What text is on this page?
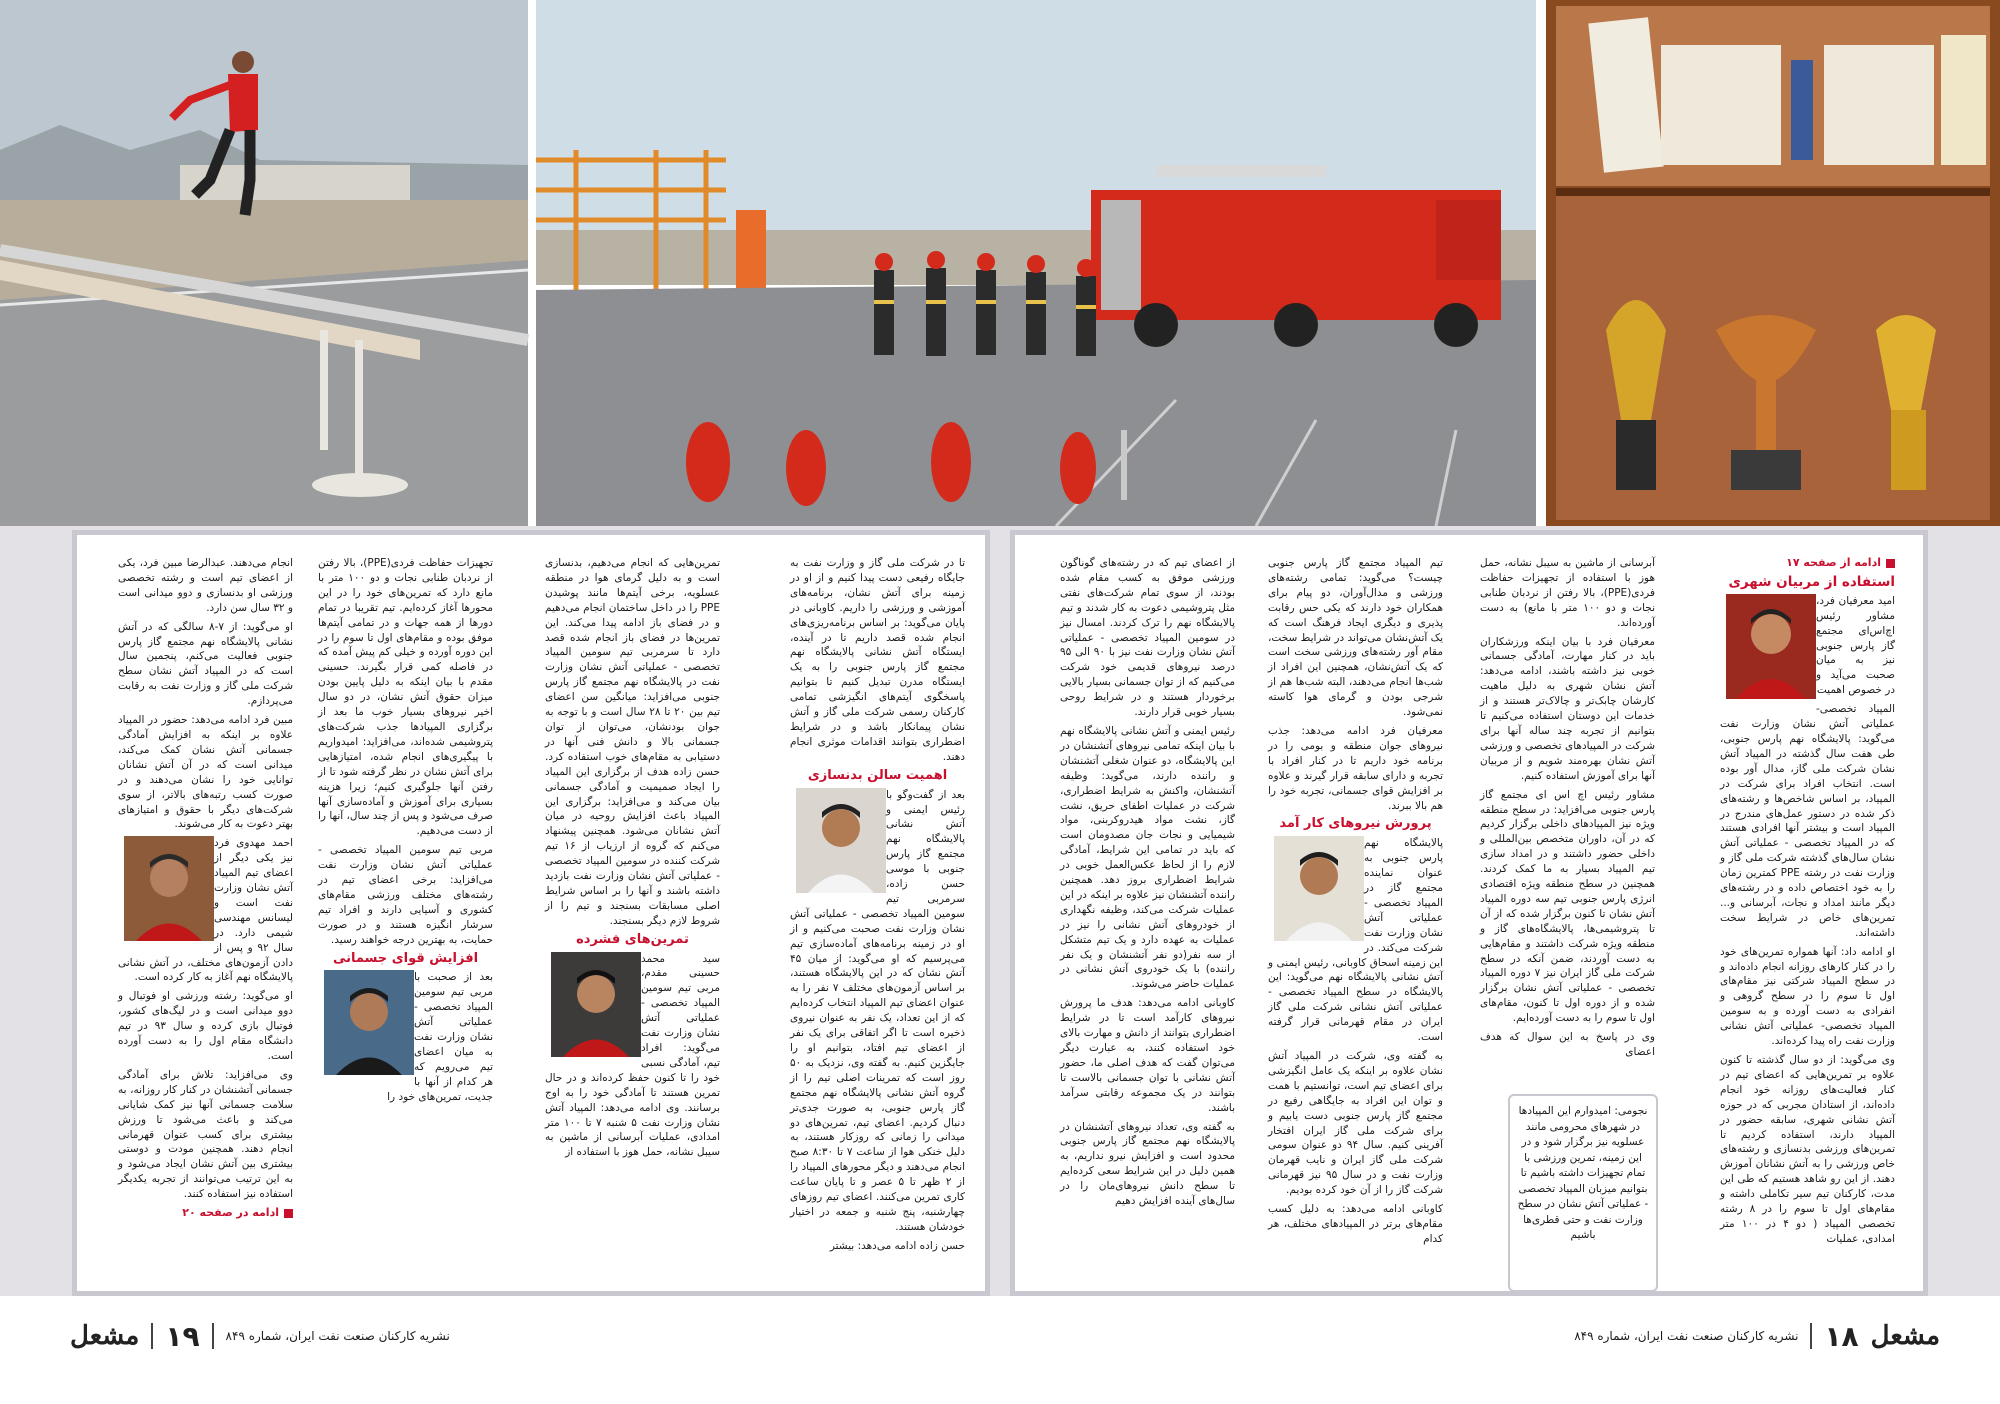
ادامه از صفحه ۱۷

استفاده از مربیان شهری

امید معرفیان فرد، مشاور رئیس اچ‌اس‌ای مجتمع گاز پارس جنوبی نیز به میان صحبت می‌آید و در خصوص اهمیت

المپیاد تخصصی- عملیاتی آتش نشان وزارت نفت می‌گوید: پالایشگاه نهم پارس جنوبی، طی هفت سال گذشته در المپیاد آتش نشان شرکت ملی گاز، مدال آور بوده است. انتخاب افراد برای شرکت در المپیاد، بر اساس شاخص‌ها و رشته‌های ذکر شده در دستور عمل‌های مندرج در المپیاد است و بیشتر آنها افرادی هستند که در المپیاد تخصصی - عملیاتی آتش نشان سال‌های گذشته شرکت ملی گاز و وزارت نفت در رشته PPE کمترین زمان را به خود اختصاص داده و در رشته‌های دیگر مانند امداد و نجات، آبرسانی و... تمرین‌های خاص در شرایط سخت داشته‌اند.

او ادامه داد: آنها همواره تمرین‌های خود را در کنار کارهای روزانه انجام داده‌اند و در سطح المپیاد شرکتی نیز مقام‌های اول تا سوم را در سطح گروهی و انفرادی به دست آورده و به سومین المپیاد تخصصی- عملیاتی آتش نشانی وزارت نفت راه پیدا کرده‌اند.

وی می‌گوید: از دو سال گذشته تا کنون علاوه بر تمرین‌هایی که اعضای تیم در کنار فعالیت‌های روزانه خود انجام داده‌اند، از استادان مجربی که در حوزه آتش نشانی شهری، سابقه حضور در المپیاد دارند، استفاده کردیم تا تمرین‌های ورزشی بدنسازی و رشته‌های خاص ورزشی را به آتش نشانان آموزش دهند. از این رو شاهد هستیم که طی این مدت، کارکنان تیم سیر تکاملی داشته و مقام‌های اول تا سوم را در ۸ رشته تخصصی المپیاد ( دو ۴ در ۱۰۰ متر امدادی، عملیات

آبرسانی از ماشین به سیبل نشانه، حمل هوز با استفاده از تجهیزات حفاظت فردی(PPE)، بالا رفتن از نردبان طنابی نجات و دو ۱۰۰ متر با مانع) به دست آورده‌اند.

معرفیان فرد با بیان اینکه ورزشکاران باید در کنار مهارت، آمادگی جسمانی خوبی نیز داشته باشند، ادامه می‌دهد: آتش نشان شهری به دلیل ماهیت کارشان چابک‌تر و چالاک‌تر هستند و از خدمات این دوستان استفاده می‌کنیم تا بتوانیم از تجربه چند ساله آنها برای شرکت در المپیادهای تخصصی و ورزشی آتش نشان بهره‌مند شویم و از مربیان آنها برای آموزش استفاده کنیم.

مشاور رئیس اچ اس ای مجتمع گاز پارس جنوبی می‌افزاید: در سطح منطقه ویژه نیز المپیادهای داخلی برگزار کردیم که در آن، داوران متخصص بین‌المللی و داخلی حضور داشتند و در امداد سازی تیم المپیاد بسیار به ما کمک کردند. همچنین در سطح منطقه ویژه اقتصادی انرژی پارس جنوبی تیم سه دوره المپیاد آتش نشان تا کنون برگزار شده که از آن تا پتروشیمی‌ها، پالایشگاه‌های گاز و منطقه ویژه شرکت داشتند و مقام‌هایی به دست آوردند، ضمن آنکه در سطح شرکت ملی گاز ایران نیز ۷ دوره المپیاد تخصصی - عملیاتی آتش نشان برگزار شده و از دوره اول تا کنون، مقام‌های اول تا سوم را به دست آورده‌ایم.

وی در پاسخ به این سوال که هدف اعضای

تیم المپیاد مجتمع گاز پارس جنوبی چیست؟ می‌گوید: تمامی رشته‌های ورزشی و مدال‌آوران، دو پیام برای همکاران خود دارند که یکی حس رقابت پذیری و دیگری ایجاد فرهنگ است که یک آتش‌نشان می‌تواند در شرایط سخت، مقام آور رشته‌های ورزشی سخت است که یک آتش‌نشان، همچنین این افراد از شب‌ها انجام می‌دهند، البته شب‌ها هم از شرجی بودن و گرمای هوا کاسته نمی‌شود.

معرفیان فرد ادامه می‌دهد: جذب نیروهای جوان منطقه و بومی را در برنامه خود داریم تا در کنار افراد با تجربه و دارای سابقه قرار گیرند و علاوه بر افزایش قوای جسمانی، تجربه خود را هم بالا ببرند.

پرورش نیروهای کار آمد

پالایشگاه نهم پارس جنوبی به عنوان نماینده مجتمع گاز در المپیاد تخصصی - عملیاتی آتش نشان وزارت نفت شرکت می‌کند. در این زمینه اسحاق کاوبانی، رئیس ایمنی و آتش نشانی پالایشگاه نهم می‌گوید: این پالایشگاه در سطح المپیاد تخصصی - عملیاتی آتش نشانی شرکت ملی گاز ایران در مقام قهرمانی قرار گرفته است.

به گفته وی، شرکت در المپیاد آتش نشان علاوه بر اینکه یک عامل انگیزشی برای اعضای تیم است، توانستیم با همت و توان این افراد به جایگاهی رفیع در مجتمع گاز پارس جنوبی دست یابیم و برای شرکت ملی گاز ایران افتخار آفرینی کنیم. سال ۹۴ دو عنوان سومی شرکت ملی گاز ایران و نایب قهرمان وزارت نفت و در سال ۹۵ نیز قهرمانی شرکت گاز را از آن خود کرده بودیم.

کاوبانی ادامه می‌دهد: به دلیل کسب مقام‌های برتر در المپیادهای مختلف، هر کدام

نجومی: امیدوارم این المپیادها در شهرهای محرومی مانند عسلویه نیز برگزار شود و در این زمینه، تمرین ورزشی با تمام تجهیزات داشته باشیم تا بتوانیم میزبان المپیاد تخصصی - عملیاتی آتش نشان در سطح وزارت نفت و حتی قطری‌ها باشیم

از اعضای تیم که در رشته‌های گوناگون ورزشی موفق به کسب مقام شده بودند، از سوی تمام شرکت‌های نفتی مثل پتروشیمی دعوت به کار شدند و تیم پالایشگاه نهم را ترک کردند. امسال نیز در سومین المپیاد تخصصی - عملیاتی آتش نشان وزارت نفت نیز با ۹۰ الی ۹۵ درصد نیروهای قدیمی خود شرکت می‌کنیم که از توان جسمانی بسیار بالایی برخوردار هستند و در شرایط روحی بسیار خوبی قرار دارند.

رئیس ایمنی و آتش نشانی پالایشگاه نهم با بیان اینکه تمامی نیروهای آتشنشان در این پالایشگاه، دو عنوان شغلی آتشنشان و راننده دارند، می‌گوید: وظیفه آتشنشان، واکنش به شرایط اضطراری، شرکت در عملیات اطفای حریق، نشت گاز، نشت مواد هیدروکربنی، مواد شیمیایی و نجات جان مصدومان است که باید در تمامی این شرایط، آمادگی لازم را از لحاظ عکس‌العمل خوبی در شرایط اضطراری بروز دهد. همچنین راننده آتشنشان نیز علاوه بر اینکه در این عملیات شرکت می‌کند، وظیفه نگهداری از خودروهای آتش نشانی را نیز در عملیات به عهده دارد و یک تیم متشکل از سه نفر(دو نفر آتشنشان و یک نفر راننده) با یک خودروی آتش نشانی در عملیات حاضر می‌شوند.

کاوبانی ادامه می‌دهد: هدف ما پرورش نیروهای کارآمد است تا در شرایط اضطراری بتوانند از دانش و مهارت بالای خود استفاده کنند، به عبارت دیگر می‌توان گفت که هدف اصلی ما، حضور آتش نشانی با توان جسمانی بالاست تا بتوانند در یک مجموعه رقابتی سرآمد باشند.

به گفته وی، تعداد نیروهای آتشنشان در پالایشگاه نهم مجتمع گاز پارس جنوبی محدود است و افزایش نیرو نداریم، به همین دلیل در این شرایط سعی کرده‌ایم تا سطح دانش نیروهای‌مان را در سال‌های آینده افزایش دهیم

تا در شرکت ملی گاز و وزارت نفت به جایگاه رفیعی دست پیدا کنیم و از او در زمینه برای آتش نشان، برنامه‌های آموزشی و ورزشی را داریم. کاوبانی در پایان می‌گوید: بر اساس برنامه‌ریزی‌های انجام شده قصد داریم تا در آینده، ایستگاه آتش نشانی پالایشگاه نهم مجتمع گاز پارس جنوبی را به یک ایستگاه مدرن تبدیل کنیم تا بتوانیم پاسخگوی آیتم‌های انگیزشی تمامی کارکنان رسمی شرکت ملی گاز و آتش نشان پیمانکار باشد و در شرایط اضطراری بتوانند اقدامات موثری انجام دهند.

اهمیت سالن بدنسازی

بعد از گفت‌وگو با رئیس ایمنی و آتش نشانی پالایشگاه نهم مجتمع گاز پارس جنوبی با موسی حسن زاده، سرمربی تیم سومین المپیاد تخصصی - عملیاتی آتش نشان وزارت نفت صحبت می‌کنیم و از او در زمینه برنامه‌های آماده‌سازی تیم می‌پرسیم که او می‌گوید: از میان ۴۵ آتش نشان که در این پالایشگاه هستند، بر اساس آزمون‌های مختلف ۷ نفر را به عنوان اعضای تیم المپیاد انتخاب کرده‌ایم که از این تعداد، یک نفر به عنوان نیروی ذخیره است تا اگر اتفاقی برای یک نفر از اعضای تیم افتاد، بتوانیم او را جایگزین کنیم. به گفته وی، نزدیک به ۵۰ روز است که تمرینات اصلی تیم را از گروه آتش نشانی پالایشگاه نهم مجتمع گاز پارس جنوبی، به صورت جدی‌تر دنبال کردیم. اعضای تیم، تمرین‌های دو میدانی را زمانی که روزکار هستند، به دلیل خنکی هوا از ساعت ۷ تا ۸:۳۰ صبح انجام می‌دهند و دیگر محورهای المپیاد را از ۲ ظهر تا ۵ عصر و تا پایان ساعت کاری تمرین می‌کنند. اعضای تیم روزهای چهارشنبه، پنج شنبه و جمعه در اختیار خودشان هستند.

حسن زاده ادامه می‌دهد: بیشتر

تمرین‌هایی که انجام می‌دهیم، بدنسازی است و به دلیل گرمای هوا در منطقه عسلویه، برخی آیتم‌ها مانند پوشیدن PPE را در داخل ساختمان انجام می‌دهیم و در فضای باز ادامه پیدا می‌کند. این تمرین‌ها در فضای باز انجام شده قصد دارد تا سرمربی تیم سومین المپیاد تخصصی - عملیاتی آتش نشان وزارت نفت در پالایشگاه نهم مجتمع گاز پارس جنوبی می‌افزاید: میانگین سن اعضای تیم بین ۲۰ تا ۲۸ سال است و با توجه به جوان بودنشان، می‌توان از توان جسمانی بالا و دانش فنی آنها در دستیابی به مقام‌های خوب استفاده کرد. حسن زاده هدف از برگزاری این المپیاد را ایجاد صمیمیت و آمادگی جسمانی بیان می‌کند و می‌افزاید: برگزاری این المپیاد باعث افزایش روحیه در میان آتش نشانان می‌شود. همچنین پیشنهاد می‌کنم که گروه از ارزیاب از ۱۶ تیم شرکت کننده در سومین المپیاد تخصصی - عملیاتی آتش نشان وزارت نفت بازدید داشته باشند و آنها را بر اساس شرایط اصلی مسابقات بسنجند و تیم را از شروط لازم دیگر بسنجند.

تمرین‌های فشرده

سید محمد حسینی مقدم، مربی تیم سومین المپیاد تخصصی - عملیاتی آتش نشان وزارت نفت می‌گوید: افراد تیم، آمادگی نسبی خود را تا کنون حفظ کرده‌اند و در حال تمرین هستند تا آمادگی خود را به اوج برسانند. وی ادامه می‌دهد: المپیاد آتش نشان وزارت نفت ۵ شنبه ۷ تا ۱۰۰ متر امدادی، عملیات آبرسانی از ماشین به سیبل نشانه، حمل هوز با استفاده از

تجهیزات حفاظت فردی(PPE)، بالا رفتن از نردبان طنابی نجات و دو ۱۰۰ متر با مانع دارد که تمرین‌های خود را در این محورها آغاز کرده‌ایم. تیم تقریبا در تمام دورها از همه جهات و در تمامی آیتم‌ها موفق بوده و مقام‌های اول تا سوم را در این دوره آورده و خیلی کم پیش آمده که در فاصله کمی قرار بگیرند. حسینی مقدم با بیان اینکه به دلیل پایین بودن میزان حقوق آتش نشان، در دو سال اخیر نیروهای بسیار خوب ما بعد از برگزاری المپیادها جذب شرکت‌های پتروشیمی شده‌اند، می‌افزاید: امیدواریم با پیگیری‌های انجام شده، امتیازهایی برای آتش نشان در نظر گرفته شود تا از رفتن آنها جلوگیری کنیم؛ زیرا هزینه بسیاری برای آموزش و آماده‌سازی آنها صرف می‌شود و پس از چند سال، آنها را از دست می‌دهیم.

مربی تیم سومین المپیاد تخصصی - عملیاتی آتش نشان وزارت نفت می‌افزاید: برخی اعضای تیم در رشته‌های مختلف ورزشی مقام‌های کشوری و آسیایی دارند و افراد تیم سرشار انگیزه هستند و در صورت حمایت، به بهترین درجه خواهند رسید.

افزایش قوای جسمانی

بعد از صحبت با مربی تیم سومین المپیاد تخصصی - عملیاتی آتش نشان وزارت نفت به میان اعضای تیم می‌رویم که هر کدام از آنها با جدیت، تمرین‌های خود را

انجام می‌دهند. عبدالرضا مبین فرد، یکی از اعضای تیم است و رشته تخصصی ورزشی او بدنسازی و دوو میدانی است و ۳۲ سال سن دارد.

او می‌گوید: از ۷-۸ سالگی که در آتش نشانی پالایشگاه نهم مجتمع گاز پارس جنوبی فعالیت می‌کنم، پنجمین سال است که در المپیاد آتش نشان سطح شرکت ملی گاز و وزارت نفت به رقابت می‌پردازم.

مبین فرد ادامه می‌دهد: حضور در المپیاد علاوه بر اینکه به افزایش آمادگی جسمانی آتش نشان کمک می‌کند، میدانی است که در آن آتش نشانان توانایی خود را نشان می‌دهند و در صورت کسب رتبه‌های بالاتر، از سوی شرکت‌های دیگر با حقوق و امتیازهای بهتر دعوت به کار می‌شوند.

احمد مهدوی فرد نیز یکی دیگر از اعضای تیم المپیاد آتش نشان وزارت نفت است و لیسانس مهندسی شیمی دارد. در سال ۹۲ و پس از دادن آزمون‌های مختلف، در آتش نشانی پالایشگاه نهم آغاز به کار کرده است.

او می‌گوید: رشته ورزشی او فوتبال و دوو میدانی است و در لیگ‌های کشور، فوتبال بازی کرده و سال ۹۳ در تیم دانشگاه مقام اول را به دست آورده است.

وی می‌افزاید: تلاش برای آمادگی جسمانی آتشنشان در کنار کار روزانه، به سلامت جسمانی آنها نیز کمک شایانی می‌کند و باعث می‌شود تا ورزش بیشتری برای کسب عنوان قهرمانی انجام دهند. همچنین مودت و دوستی بیشتری بین آتش نشان ایجاد می‌شود و به این ترتیب می‌توانند از تجربه یکدیگر استفاده نیز استفاده کنند.

ادامه در صفحه ۲۰

مشعل
۱۸
نشریه کارکنان صنعت نفت ایران، شماره ۸۴۹
نشریه کارکنان صنعت نفت ایران، شماره ۸۴۹
۱۹
مشعل
